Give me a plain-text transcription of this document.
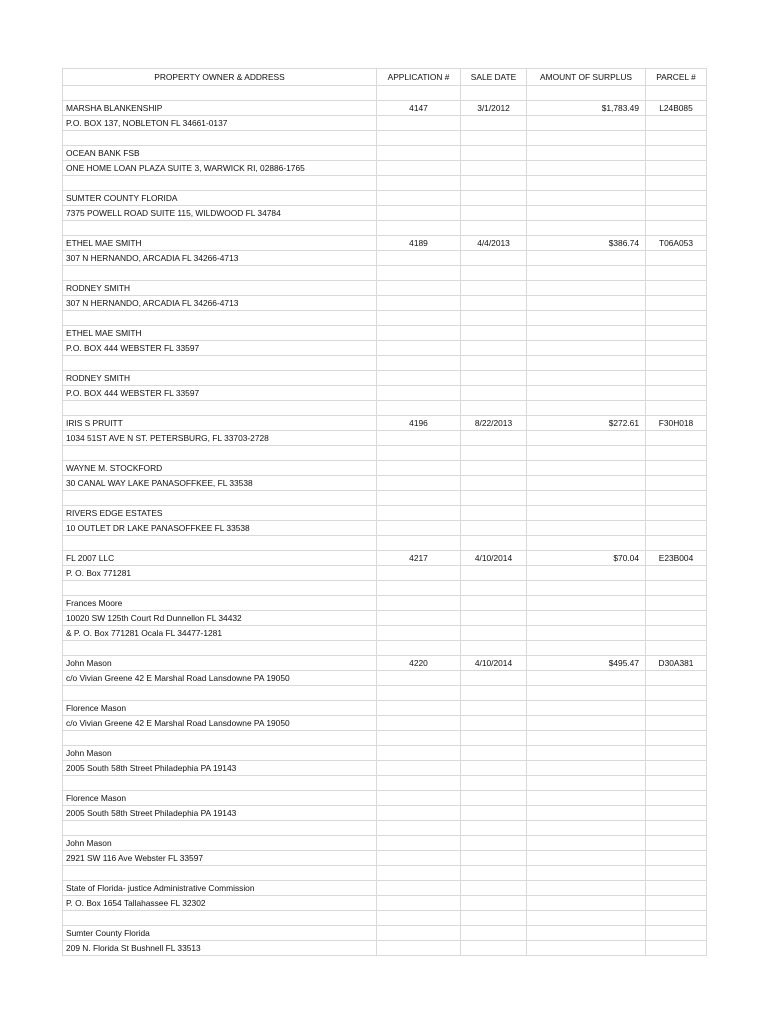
PROPERTY OWNER & ADDRESS	APPLICATION #	SALE DATE	AMOUNT OF SURPLUS	PARCEL #

MARSHA BLANKENSHIP	4147	3/1/2012	$1,783.49	L24B085
P.O. BOX 137, NOBLETON FL 34661-0137				

OCEAN BANK FSB				
ONE HOME LOAN PLAZA SUITE 3, WARWICK RI, 02886-1765				

SUMTER COUNTY FLORIDA				
7375 POWELL ROAD SUITE 115, WILDWOOD FL 34784				

ETHEL MAE SMITH	4189	4/4/2013	$386.74	T06A053
307 N HERNANDO, ARCADIA FL 34266-4713				

RODNEY SMITH				
307 N HERNANDO, ARCADIA FL 34266-4713				

ETHEL MAE SMITH				
P.O. BOX 444 WEBSTER FL 33597				

RODNEY SMITH				
P.O. BOX 444 WEBSTER FL 33597				

IRIS S PRUITT	4196	8/22/2013	$272.61	F30H018
1034 51ST AVE N ST. PETERSBURG, FL 33703-2728				

WAYNE M. STOCKFORD				
30 CANAL WAY LAKE PANASOFFKEE, FL 33538				

RIVERS EDGE ESTATES				
10 OUTLET DR LAKE PANASOFFKEE FL 33538				

FL 2007 LLC	4217	4/10/2014	$70.04	E23B004
P. O. Box 771281				

Frances Moore				
10020 SW 125th Court Rd Dunnellon FL 34432				
& P. O. Box 771281 Ocala FL 34477-1281				

John Mason	4220	4/10/2014	$495.47	D30A381
c/o Vivian Greene 42 E Marshal Road Lansdowne PA 19050				

Florence Mason				
c/o Vivian Greene 42 E Marshal Road Lansdowne PA 19050				

John Mason				
2005 South 58th Street Philadephia PA 19143				

Florence Mason				
2005 South 58th Street Philadephia PA 19143				

John Mason				
2921 SW 116 Ave Webster FL 33597				

State of Florida- justice Administrative Commission				
P. O. Box 1654 Tallahassee FL 32302				

Sumter County Florida				
209 N. Florida St Bushnell FL 33513				
